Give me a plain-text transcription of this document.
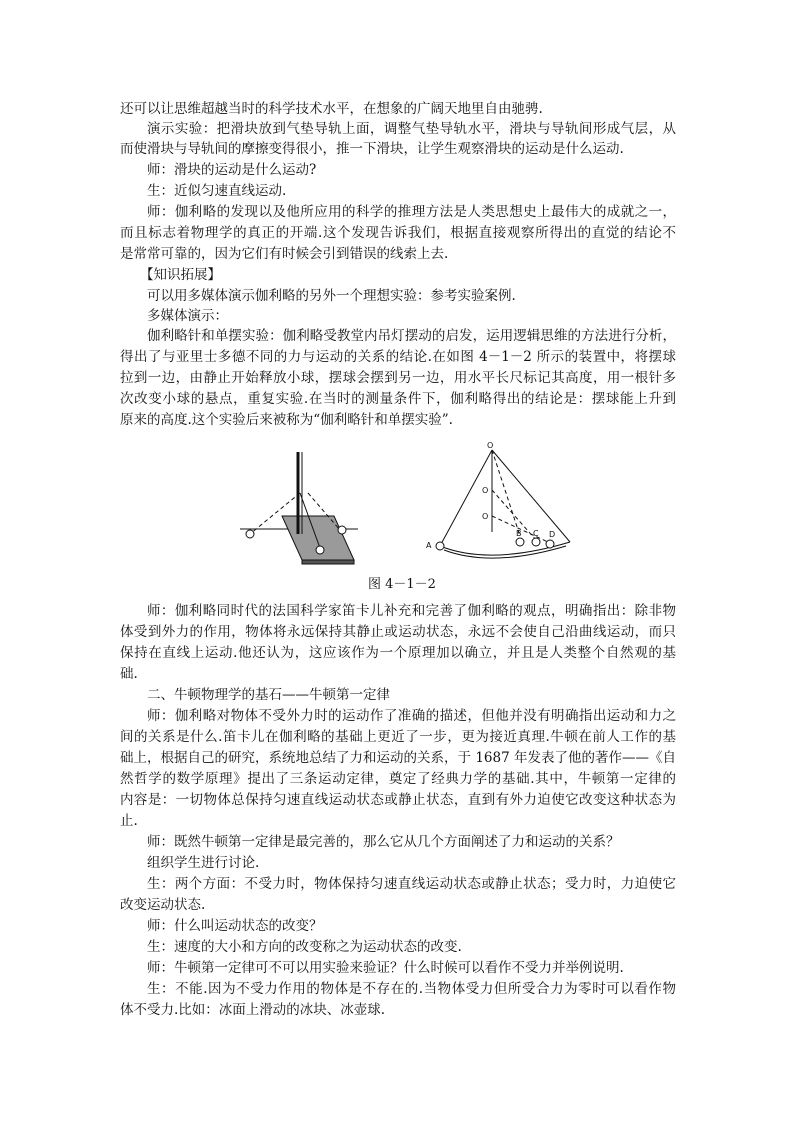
还可以让思维超越当时的科学技术水平，在想象的广阔天地里自由驰骋.
演示实验：把滑块放到气垫导轨上面，调整气垫导轨水平，滑块与导轨间形成气层，从
而使滑块与导轨间的摩擦变得很小，推一下滑块，让学生观察滑块的运动是什么运动.
师：滑块的运动是什么运动?
生：近似匀速直线运动.
师：伽利略的发现以及他所应用的科学的推理方法是人类思想史上最伟大的成就之一，
而且标志着物理学的真正的开端.这个发现告诉我们，根据直接观察所得出的直觉的结论不
是常常可靠的，因为它们有时候会引到错误的线索上去.
【知识拓展】
可以用多媒体演示伽利略的另外一个理想实验：参考实验案例.
多媒体演示：
伽利略针和单摆实验：伽利略受教堂内吊灯摆动的启发，运用逻辑思维的方法进行分析，
得出了与亚里士多德不同的力与运动的关系的结论.在如图 4－1－2 所示的装置中，将摆球
拉到一边，由静止开始释放小球，摆球会摆到另一边，用水平长尺标记其高度，用一根针多
次改变小球的悬点，重复实验.在当时的测量条件下，伽利略得出的结论是：摆球能上升到
原来的高度.这个实验后来被称为“伽利略针和单摆实验”.
O
O
O
A
B C D
图 4－1－2
师：伽利略同时代的法国科学家笛卡儿补充和完善了伽利略的观点，明确指出：除非物
体受到外力的作用，物体将永远保持其静止或运动状态，永远不会使自己沿曲线运动，而只
保持在直线上运动.他还认为，这应该作为一个原理加以确立，并且是人类整个自然观的基
础.
二、牛顿物理学的基石——牛顿第一定律
师：伽利略对物体不受外力时的运动作了准确的描述，但他并没有明确指出运动和力之
间的关系是什么.笛卡儿在伽利略的基础上更近了一步，更为接近真理.牛顿在前人工作的基
础上，根据自己的研究，系统地总结了力和运动的关系，于 1687 年发表了他的著作——《自
然哲学的数学原理》提出了三条运动定律，奠定了经典力学的基础.其中，牛顿第一定律的
内容是：一切物体总保持匀速直线运动状态或静止状态，直到有外力迫使它改变这种状态为
止.
师：既然牛顿第一定律是最完善的，那么它从几个方面阐述了力和运动的关系？
组织学生进行讨论.
生：两个方面：不受力时，物体保持匀速直线运动状态或静止状态；受力时，力迫使它
改变运动状态.
师：什么叫运动状态的改变？
生：速度的大小和方向的改变称之为运动状态的改变.
师：牛顿第一定律可不可以用实验来验证？什么时候可以看作不受力并举例说明.
生：不能.因为不受力作用的物体是不存在的.当物体受力但所受合力为零时可以看作物
体不受力.比如：冰面上滑动的冰块、冰壶球.
